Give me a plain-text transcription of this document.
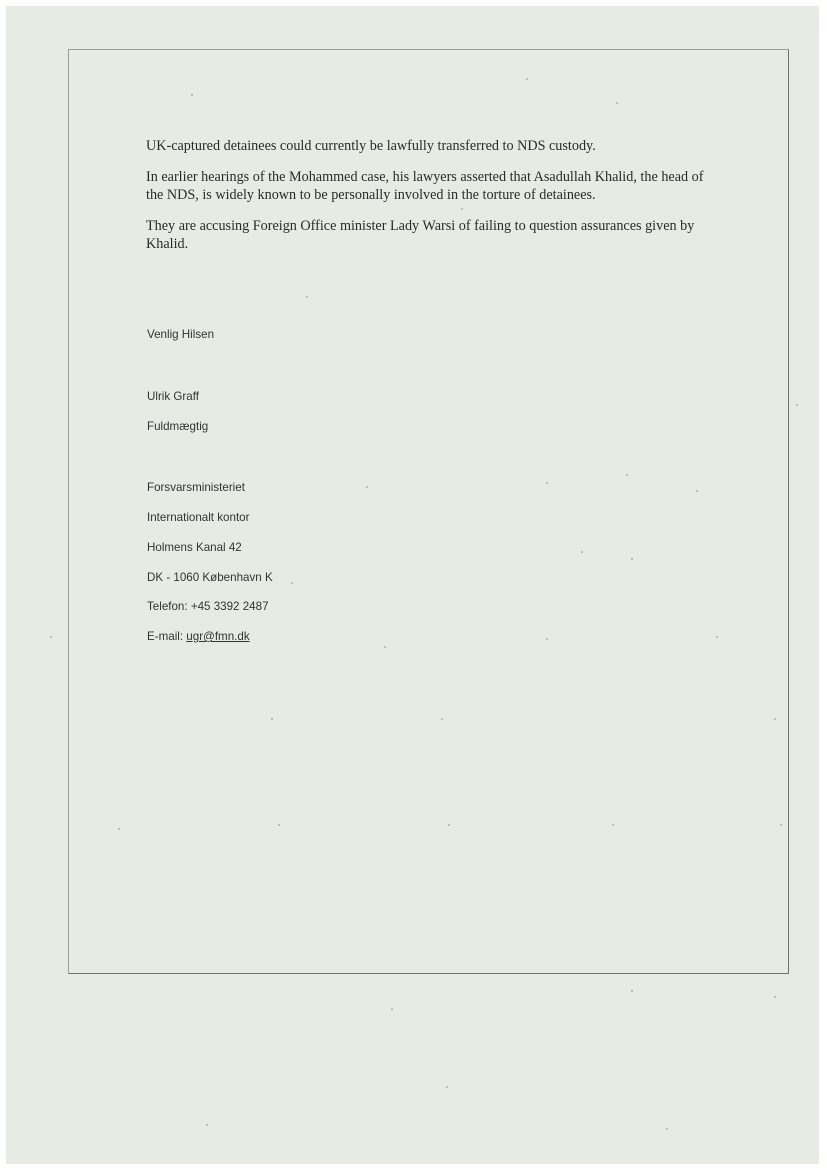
UK-captured detainees could currently be lawfully transferred to NDS custody.

In earlier hearings of the Mohammed case, his lawyers asserted that Asadullah Khalid, the head of the NDS, is widely known to be personally involved in the torture of detainees.

They are accusing Foreign Office minister Lady Warsi of failing to question assurances given by Khalid.

Venlig Hilsen

Ulrik Graff

Fuldmægtig

Forsvarsministeriet

Internationalt kontor

Holmens Kanal 42

DK - 1060 København K

Telefon: +45 3392 2487

E-mail: ugr@fmn.dk
